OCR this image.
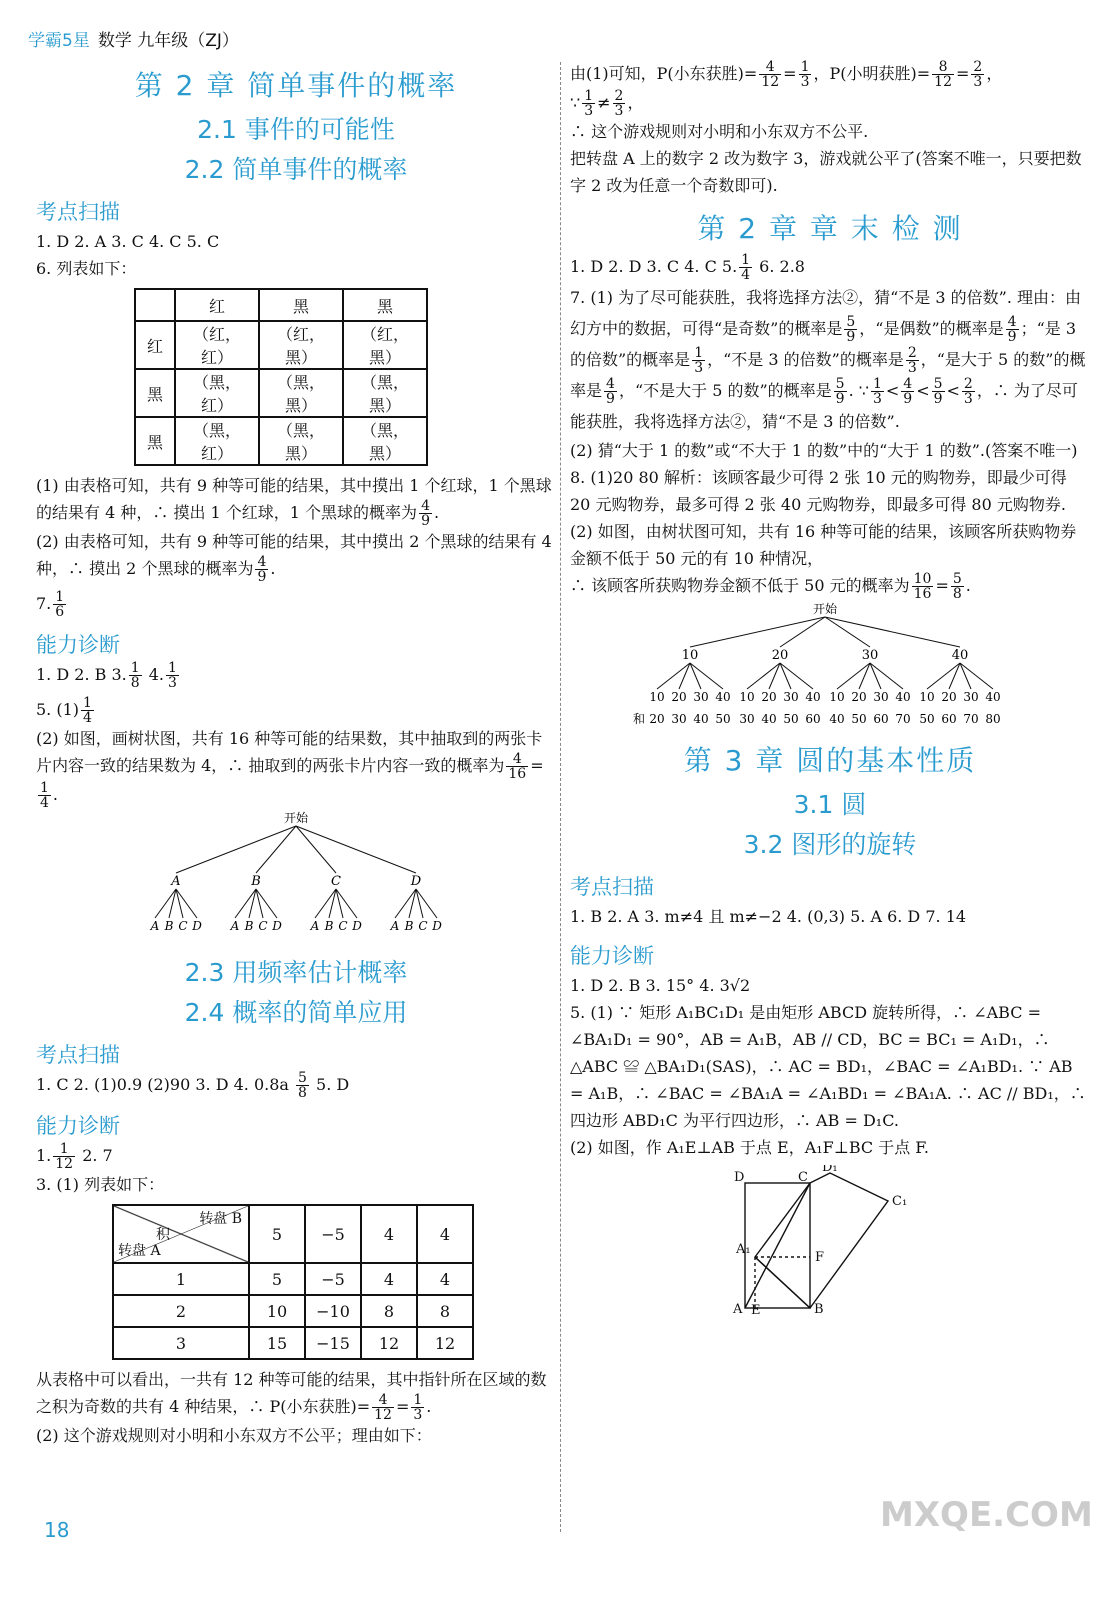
学霸5星 数学 九年级（ZJ）
第 2 章 简单事件的概率
2.1 事件的可能性
2.2 简单事件的概率
考点扫描

1. D 2. A 3. C 4. C 5. C

6. 列表如下：

	红	黑	黑
红	（红，红）	（红，黑）	（红，黑）
黑	（黑，红）	（黑，黑）	（黑，黑）
黑	（黑，红）	（黑，黑）	（黑，黑）

(1) 由表格可知，共有 9 种等可能的结果，其中摸出 1 个红球，1 个黑球的结果有 4 种，∴ 摸出 1 个红球，1 个黑球的概率为 $\frac{4}{9}$ .

(2) 由表格可知，共有 9 种等可能的结果，其中摸出 2 个黑球的结果有 4 种，∴ 摸出 2 个黑球的概率为 $\frac{4}{9}$ .

7. $\frac{1}{6}$

能力诊断

1. D 2. B 3. $\frac{1}{8} 4$. $\frac{1}{3}$

5. $(1) \frac{1}{4}$

(2) 如图，画树状图，共有 16 种等可能的结果数，其中抽取到的两张卡片内容一致的结果数为 4，∴ 抽取到的两张卡片内容一致的概率为 $\frac{4}{16}$ =
$\frac{1}{4}$ .

开始
A
A B C D
B
A B C D
C
A B C D
D
A B C D
2.3 用频率估计概率
2.4 概率的简单应用
考点扫描

1. C 2. (1)0.9 (2)90 3. D 4. $0.8a \frac{5}{8} 5$. D

能力诊断

1. $\frac{1}{12} 2$. 7

3. (1) 列表如下：

转盘 B
积
转盘 A	5	−5	4	4
1	5	−5	4	4
2	10	−10	8	8
3	15	−15	12	12

从表格中可以看出，一共有 12 种等可能的结果，其中指针所在区域的数之积为奇数的共有 4 种结果，∴ P(小东获胜)= $\frac{4}{12} = \frac{1}{3}$ .

(2) 这个游戏规则对小明和小东双方不公平；理由如下：

由(1)可知，P(小东获胜)= $\frac{4}{12} = \frac{1}{3}$ ，P(小明获胜)= $\frac{8}{12} = \frac{2}{3}$ ，

∵ $\frac{1}{3} \ne \frac{2}{3}$ ，

∴ 这个游戏规则对小明和小东双方不公平.

把转盘 A 上的数字 2 改为数字 3，游戏就公平了(答案不唯一，只要把数字 2 改为任意一个奇数即可).

第 2 章 章 末 检 测

1. D 2. D 3. C 4. C 5. $\frac{1}{4} 6$. 2.8

7. (1) 为了尽可能获胜，我将选择方法②，猜“不是 3 的倍数”. 理由：由幻方中的数据，可得“是奇数”的概率是 $\frac{5}{9}$ ，“是偶数”的概率是 $\frac{4}{9}$ ；“是 3 的倍数”的概率是 $\frac{1}{3}$ ，“不是 3 的倍数”的概率是 $\frac{2}{3}$ ，“是大于 5 的数”的概率是 $\frac{4}{9}$ ，“不是大于 5 的数”的概率是 $\frac{5}{9}$ . ∵ $\frac{1}{3} < \frac{4}{9} < \frac{5}{9} < \frac{2}{3}$ ，∴ 为了尽可能获胜，我将选择方法②，猜“不是 3 的倍数”.

(2) 猜“大于 1 的数”或“不大于 1 的数”中的“大于 1 的数”.(答案不唯一)

8. (1)20 80 解析：该顾客最少可得 2 张 10 元的购物券，即最少可得 20 元购物券，最多可得 2 张 40 元购物券，即最多可得 80 元购物券.

(2) 如图，由树状图可知，共有 16 种等可能的结果，该顾客所获购物券金额不低于 50 元的有 10 种情况，

∴ 该顾客所获购物券金额不低于 50 元的概率为 $\frac{10}{16} = \frac{5}{8}$ .

开始
10
10 20 30 40
20
10 20 30 40
30
10 20 30 40
40
10 20 30 40
和 20 30 40 50 30 40 50 60 40 50 60 70 50 60 70 80
第 3 章 圆的基本性质
3.1 圆
3.2 图形的旋转
考点扫描

1. B 2. A 3. m≠4 且 m≠−2 4. (0,3) 5. A 6. D 7. 14

能力诊断

1. D 2. B 3. 15° 4. 3√2

5. (1) ∵ 矩形 A₁BC₁D₁ 是由矩形 ABCD 旋转所得，∴ ∠ABC = ∠BA₁D₁ = 90°，AB = A₁B，AB // CD，BC = BC₁ = A₁D₁，∴ △ABC ≌ △BA₁D₁(SAS)，∴ AC = BD₁，∠BAC = ∠A₁BD₁. ∵ AB = A₁B，∴ ∠BAC = ∠BA₁A = ∠A₁BD₁ = ∠BA₁A. ∴ AC // BD₁，∴ 四边形 ABD₁C 为平行四边形，∴ AB = D₁C.

(2) 如图，作 A₁E⊥AB 于点 E，A₁F⊥BC 于点 F.

D	C
D₁
C₁
A₁
F
A E	B
18	MXQE.COM
